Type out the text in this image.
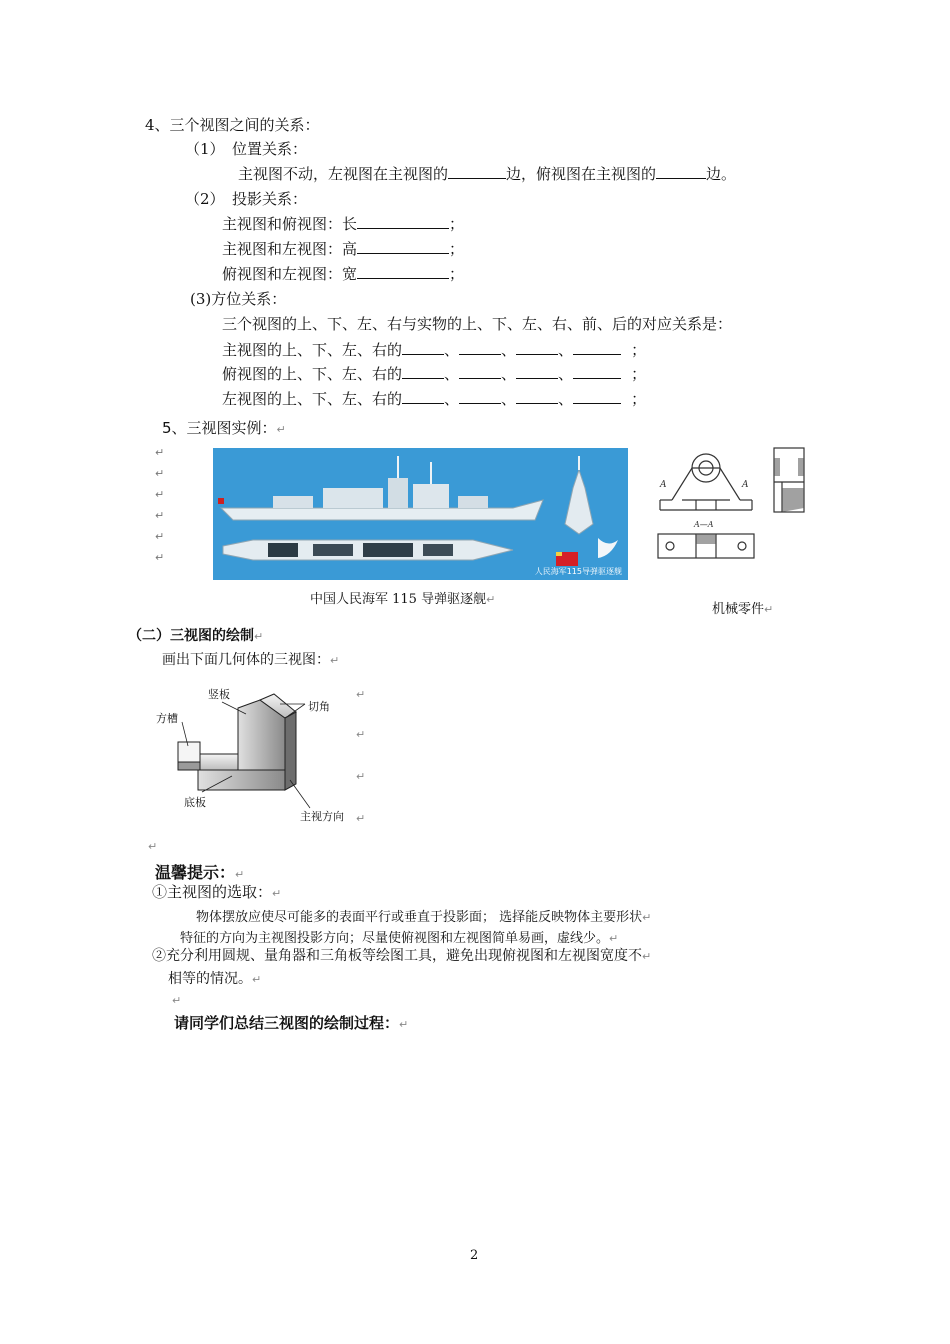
4、三个视图之间的关系：
（1）　位置关系：
主视图不动，左视图在主视图的	边，俯视图在主视图的	边。
（2）　投影关系：
主视图和俯视图：长	；
主视图和左视图：高	；
俯视图和左视图：宽	；
(3)方位关系：
三个视图的上、下、左、右与实物的上、下、左、右、前、后的对应关系是：
主视图的上、下、左、右的	、	、	、	；
俯视图的上、下、左、右的	、	、	、	；
左视图的上、下、左、右的	、	、	、	；
5、三视图实例：↵
↵
↵
↵
↵
↵
↵
人民海军115导弹驱逐舰
中国人民海军 115 导弹驱逐舰↵
A	A
A—A
机械零件↵
（二）三视图的绘制↵
画出下面几何体的三视图：↵
竖板
切角
方槽
底板
主视方向
↵
↵
↵
↵
↵
温馨提示：↵
①主视图的选取：↵
物体摆放应使尽可能多的表面平行或垂直于投影面； 选择能反映物体主要形状↵
特征的方向为主视图投影方向；尽量使俯视图和左视图简单易画，虚线少。↵
②充分利用圆规、量角器和三角板等绘图工具，避免出现俯视图和左视图宽度不↵
相等的情况。↵
↵
请同学们总结三视图的绘制过程：↵
2
